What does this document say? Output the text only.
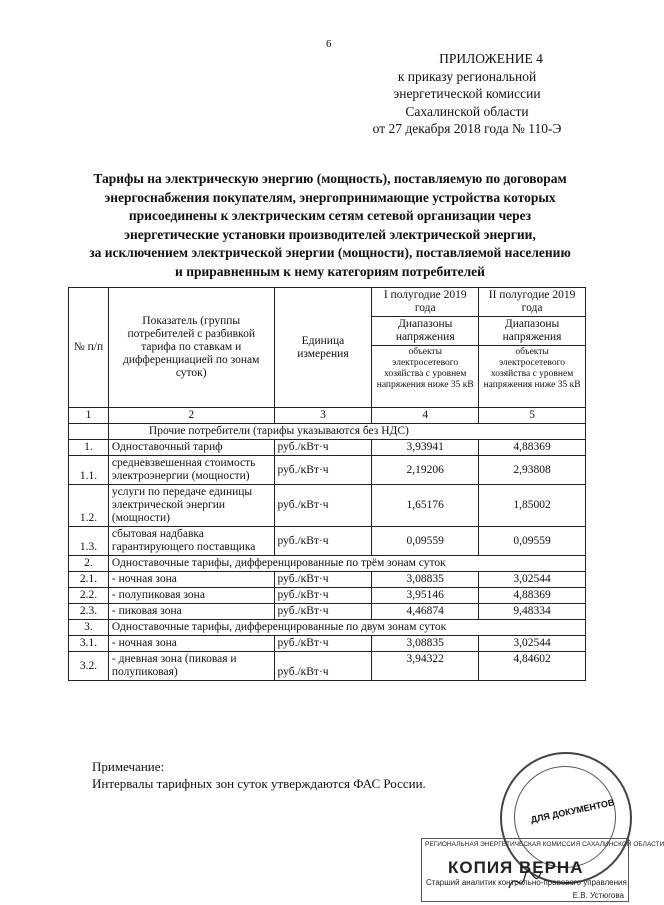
6
ПРИЛОЖЕНИЕ 4
к приказу региональной
энергетической комиссии
Сахалинской области
от 27 декабря 2018 года № 110-Э
Тарифы на электрическую энергию (мощность), поставляемую по договорам
энергоснабжения покупателям, энергопринимающие устройства которых
присоединены к электрическим сетям сетевой организации через
энергетические установки производителей электрической энергии,
за исключением электрической энергии (мощности), поставляемой населению
и приравненным к нему категориям потребителей
№ п/п	Показатель (группы потребителей с разбивкой тарифа по ставкам и дифференциацией по зонам суток)	Единица измерения	I полугодие 2019 года	II полугодие 2019 года
			Диапазоны напряжения	Диапазоны напряжения
			объекты электросетевого хозяйства с уровнем напряжения ниже 35 кВ	объекты электросетевого хозяйства с уровнем напряжения ниже 35 кВ
1	2	3	4	5
	Прочие потребители (тарифы указываются без НДС)			
1.	Одноставочный тариф	руб./кВт·ч	3,93941	4,88369
1.1.	средневзвешенная стоимость электроэнергии (мощности)	руб./кВт·ч	2,19206	2,93808
1.2.	услуги по передаче единицы электрической энергии (мощности)	руб./кВт·ч	1,65176	1,85002
1.3.	сбытовая надбавка гарантирующего поставщика	руб./кВт·ч	0,09559	0,09559
2.	Одноставочные тарифы, дифференцированные по трём зонам суток			
2.1.	- ночная зона	руб./кВт·ч	3,08835	3,02544
2.2.	- полупиковая зона	руб./кВт·ч	3,95146	4,88369
2.3.	- пиковая зона	руб./кВт·ч	4,46874	9,48334
3.	Одноставочные тарифы, дифференцированные по двум зонам суток			
3.1.	- ночная зона	руб./кВт·ч	3,08835	3,02544
3.2.	- дневная зона (пиковая и полупиковая)	руб./кВт·ч	3,94322	4,84602
Примечание:
Интервалы тарифных зон суток утверждаются ФАС России.
ДЛЯ ДОКУМЕНТОВ
РЕГИОНАЛЬНАЯ ЭНЕРГЕТИЧЕСКАЯ КОМИССИЯ САХАЛИНСКОЙ ОБЛАСТИ
КОПИЯ ВЕРНА
Старший аналитик контрольно-правового управления
Е.В. Устюгова
